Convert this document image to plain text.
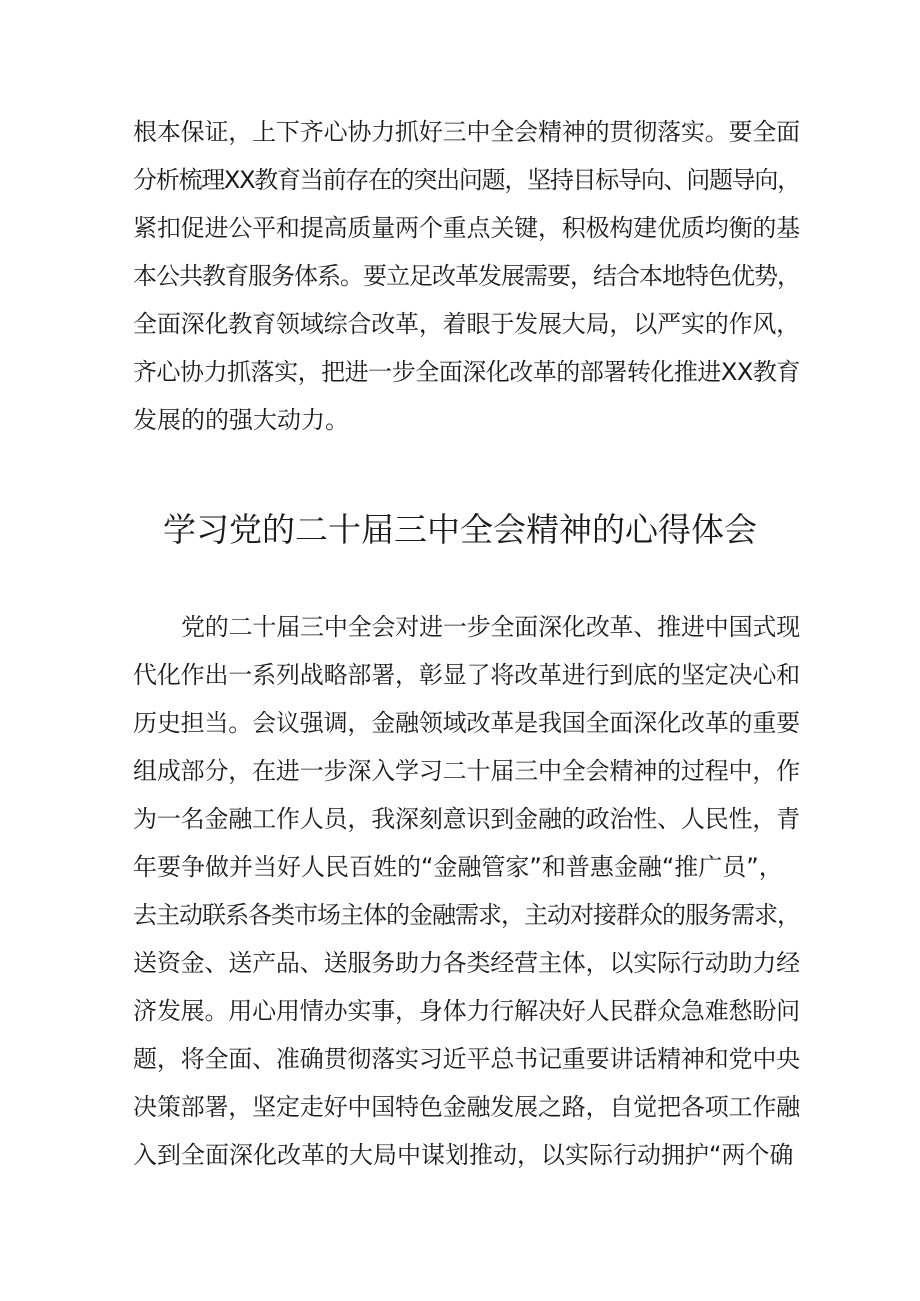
根本保证，上下齐心协力抓好三中全会精神的贯彻落实。要全面
分析梳理XX教育当前存在的突出问题，坚持目标导向、问题导向，
紧扣促进公平和提高质量两个重点关键，积极构建优质均衡的基
本公共教育服务体系。要立足改革发展需要，结合本地特色优势，
全面深化教育领域综合改革，着眼于发展大局，以严实的作风，
齐心协力抓落实，把进一步全面深化改革的部署转化推进XX教育
发展的的强大动力。
学习党的二十届三中全会精神的心得体会
党的二十届三中全会对进一步全面深化改革、推进中国式现
代化作出一系列战略部署，彰显了将改革进行到底的坚定决心和
历史担当。会议强调，金融领域改革是我国全面深化改革的重要
组成部分，在进一步深入学习二十届三中全会精神的过程中，作
为一名金融工作人员，我深刻意识到金融的政治性、人民性，青
年要争做并当好人民百姓的“金融管家”和普惠金融“推广员”，
去主动联系各类市场主体的金融需求，主动对接群众的服务需求，
送资金、送产品、送服务助力各类经营主体，以实际行动助力经
济发展。用心用情办实事，身体力行解决好人民群众急难愁盼问
题，将全面、准确贯彻落实习近平总书记重要讲话精神和党中央
决策部署，坚定走好中国特色金融发展之路，自觉把各项工作融
入到全面深化改革的大局中谋划推动，以实际行动拥护“两个确
